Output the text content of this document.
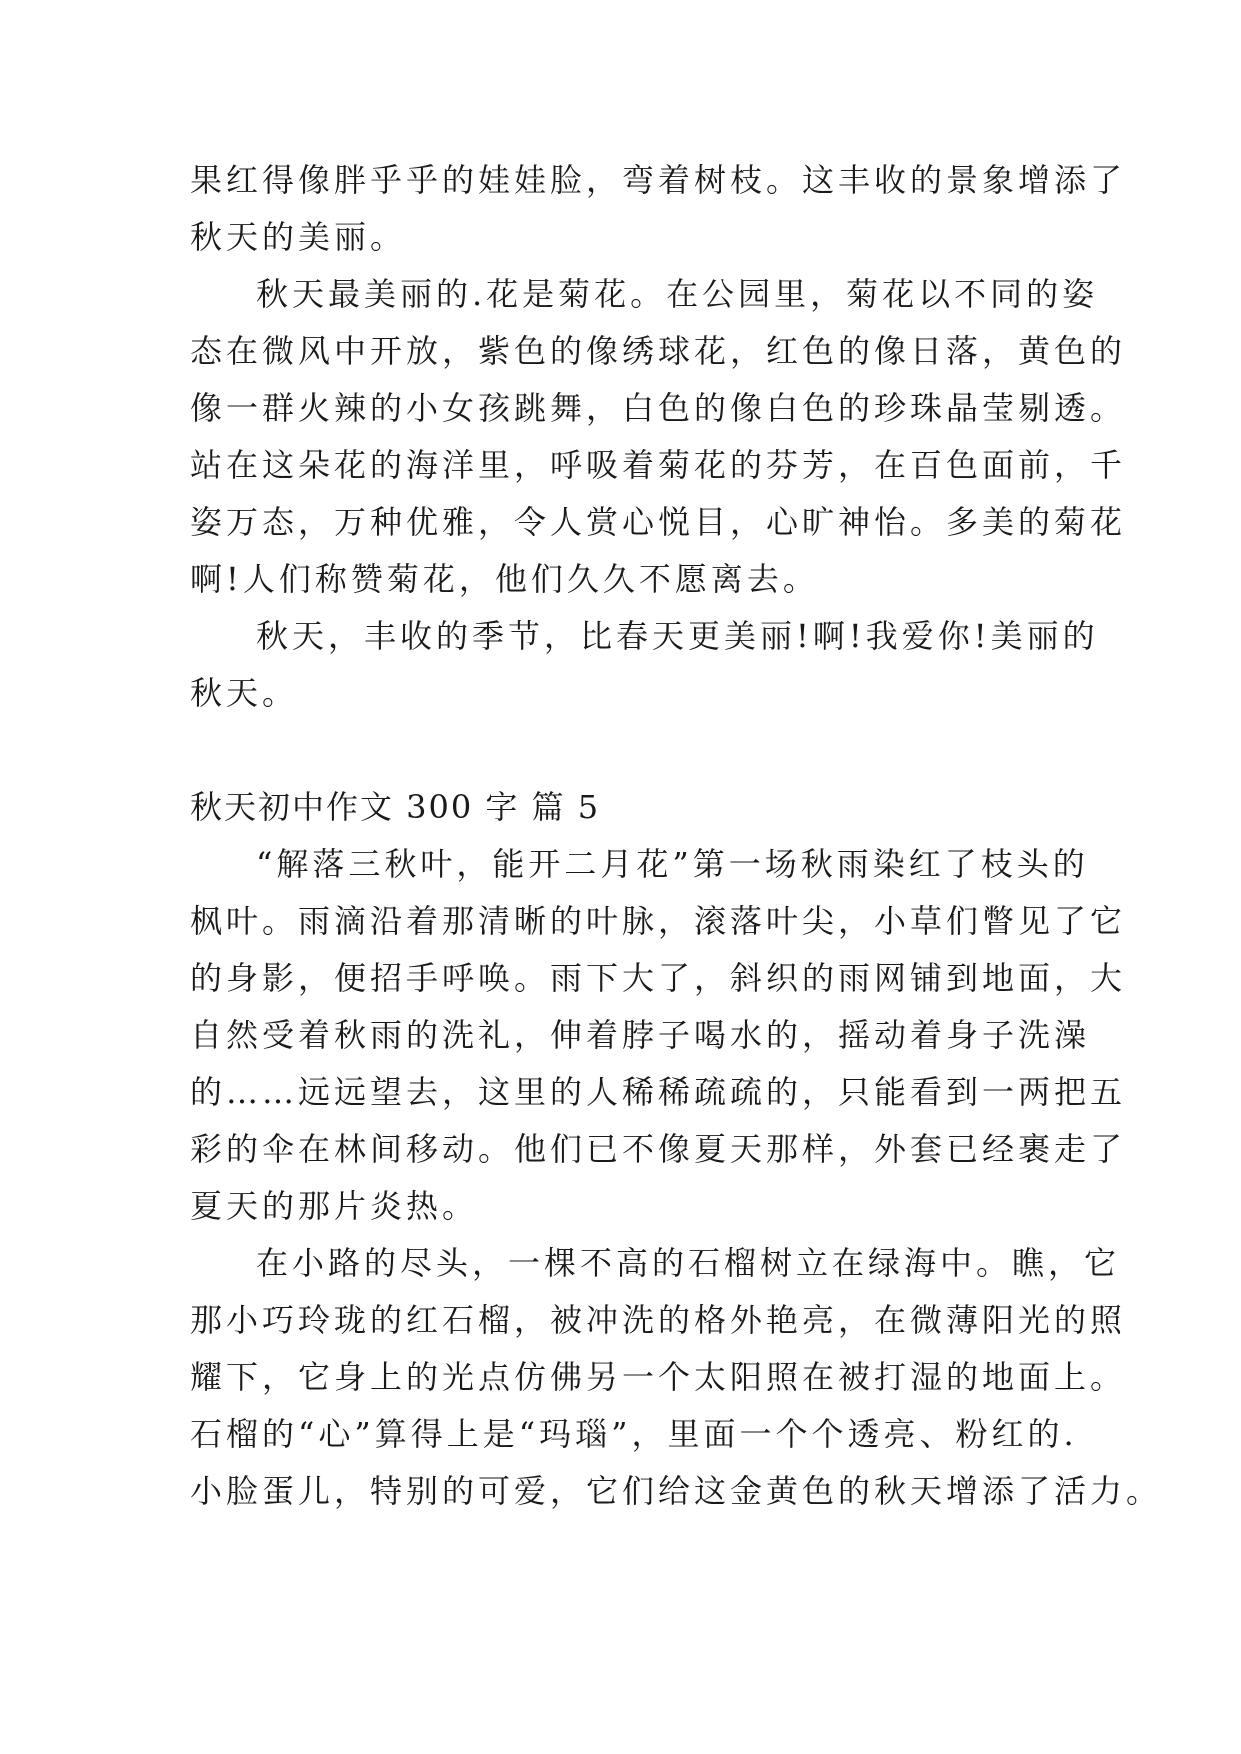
果红得像胖乎乎的娃娃脸，弯着树枝。这丰收的景象增添了
秋天的美丽。
秋天最美丽的.花是菊花。在公园里，菊花以不同的姿
态在微风中开放，紫色的像绣球花，红色的像日落，黄色的
像一群火辣的小女孩跳舞，白色的像白色的珍珠晶莹剔透。
站在这朵花的海洋里，呼吸着菊花的芬芳，在百色面前，千
姿万态，万种优雅，令人赏心悦目，心旷神怡。多美的菊花
啊!人们称赞菊花，他们久久不愿离去。
秋天，丰收的季节，比春天更美丽!啊!我爱你!美丽的
秋天。
秋天初中作文 300 字 篇 5
“解落三秋叶，能开二月花”第一场秋雨染红了枝头的
枫叶。雨滴沿着那清晰的叶脉，滚落叶尖，小草们瞥见了它
的身影，便招手呼唤。雨下大了，斜织的雨网铺到地面，大
自然受着秋雨的洗礼，伸着脖子喝水的，摇动着身子洗澡
的……远远望去，这里的人稀稀疏疏的，只能看到一两把五
彩的伞在林间移动。他们已不像夏天那样，外套已经裹走了
夏天的那片炎热。
在小路的尽头，一棵不高的石榴树立在绿海中。瞧，它
那小巧玲珑的红石榴，被冲洗的格外艳亮，在微薄阳光的照
耀下，它身上的光点仿佛另一个太阳照在被打湿的地面上。
石榴的“心”算得上是“玛瑙”，里面一个个透亮、粉红的.
小脸蛋儿，特别的可爱，它们给这金黄色的秋天增添了活力。
